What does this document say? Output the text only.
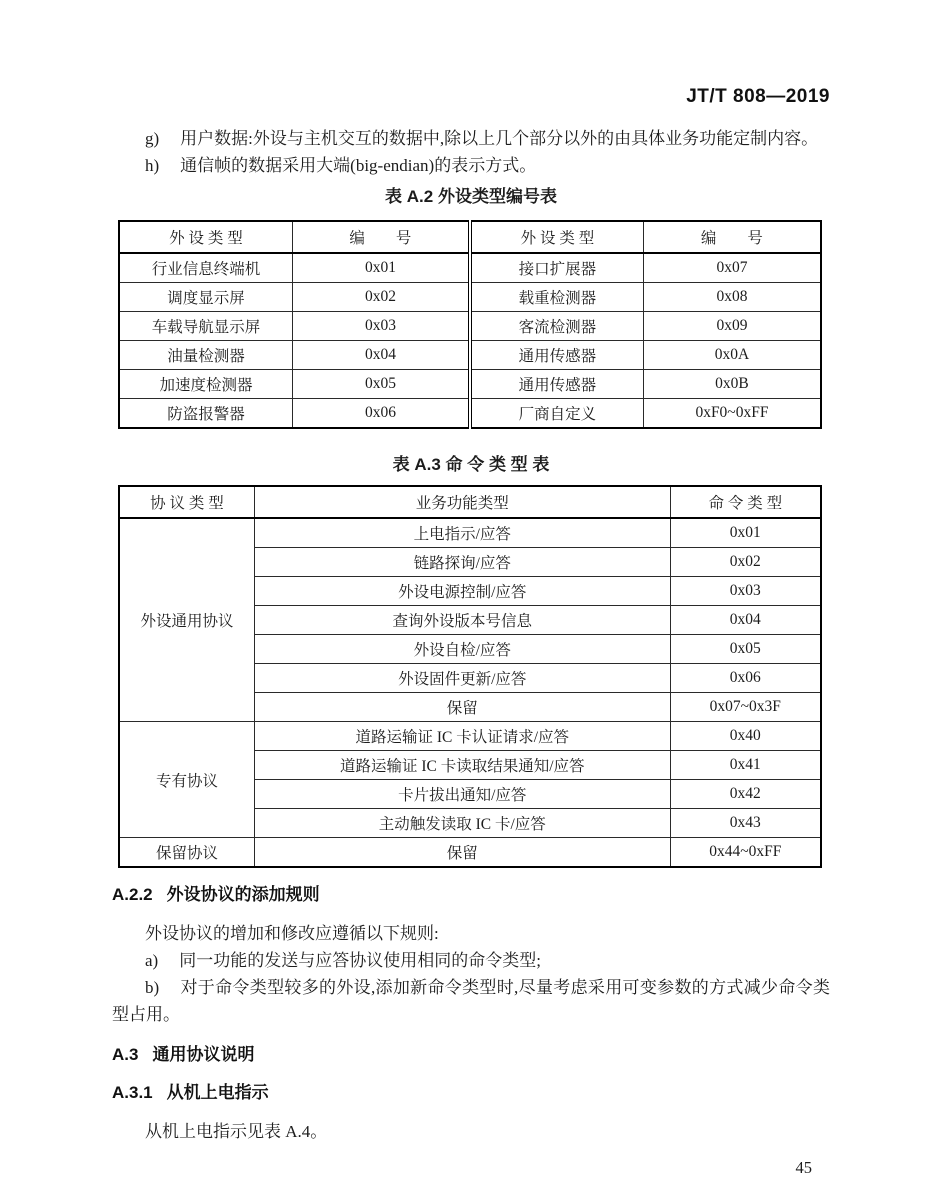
JT/T 808—2019

g) 用户数据:外设与主机交互的数据中,除以上几个部分以外的由具体业务功能定制内容。

h) 通信帧的数据采用大端(big-endian)的表示方式。

表 A.2 外设类型编号表
外 设 类 型	编　　号	外 设 类 型	编　　号
行业信息终端机	0x01	接口扩展器	0x07
调度显示屏	0x02	载重检测器	0x08
车载导航显示屏	0x03	客流检测器	0x09
油量检测器	0x04	通用传感器	0x0A
加速度检测器	0x05	通用传感器	0x0B
防盗报警器	0x06	厂商自定义	0xF0~0xFF
表 A.3 命 令 类 型 表
协 议 类 型	业务功能类型	命 令 类 型
外设通用协议	上电指示/应答	0x01
	链路探询/应答	0x02
	外设电源控制/应答	0x03
	查询外设版本号信息	0x04
	外设自检/应答	0x05
	外设固件更新/应答	0x06
	保留	0x07~0x3F
专有协议	道路运输证 IC 卡认证请求/应答	0x40
	道路运输证 IC 卡读取结果通知/应答	0x41
	卡片拔出通知/应答	0x42
	主动触发读取 IC 卡/应答	0x43
保留协议	保留	0x44~0xFF
A.2.2 外设协议的添加规则

外设协议的增加和修改应遵循以下规则:

a) 同一功能的发送与应答协议使用相同的命令类型;

b) 对于命令类型较多的外设,添加新命令类型时,尽量考虑采用可变参数的方式减少命令类型占用。

A.3 通用协议说明
A.3.1 从机上电指示

从机上电指示见表 A.4。

45
